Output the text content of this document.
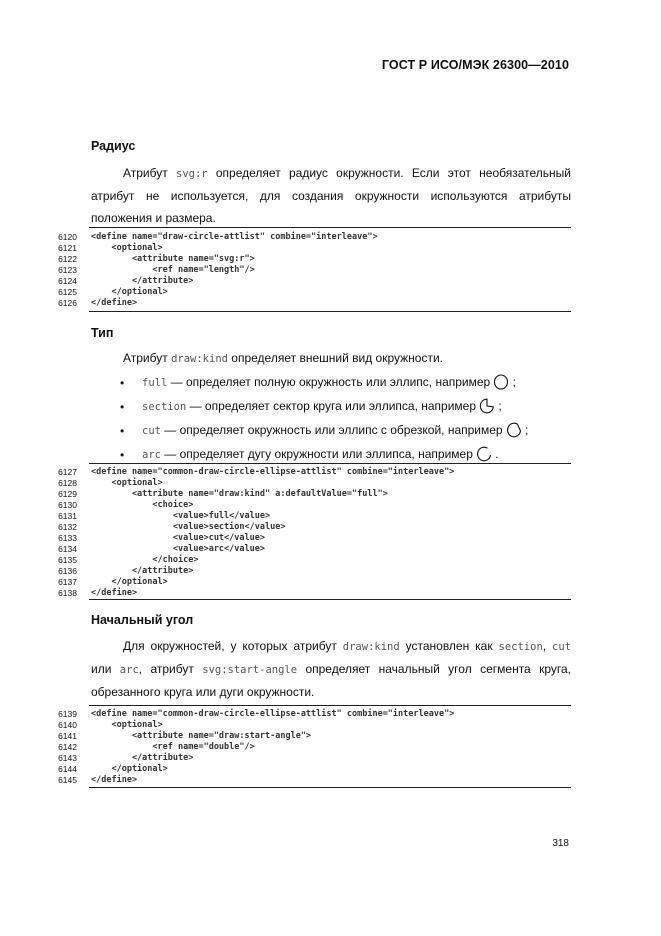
ГОСТ Р ИСО/МЭК 26300—2010
Радиус
Атрибут svg:r определяет радиус окружности. Если этот необязательный атрибут не используется, для создания окружности используются атрибуты положения и размера.
6120 <define name="draw-circle-attlist" combine="interleave">
6121 <optional>
6122 <attribute name="svg:r">
6123 <ref name="length"/>
6124 </attribute>
6125 </optional>
6126 </define>
Тип
Атрибут draw:kind определяет внешний вид окружности.
• full — определяет полную окружность или эллипс, например ;
• section — определяет сектор круга или эллипса, например ;
• cut — определяет окружность или эллипс с обрезкой, например ;
• arc — определяет дугу окружности или эллипса, например .
6127 <define name="common-draw-circle-ellipse-attlist" combine="interleave">
6128 <optional>
6129 <attribute name="draw:kind" a:defaultValue="full">
6130 <choice>
6131 <value>full</value>
6132 <value>section</value>
6133 <value>cut</value>
6134 <value>arc</value>
6135 </choice>
6136 </attribute>
6137 </optional>
6138 </define>
Начальный угол
Для окружностей, у которых атрибут draw:kind установлен как section, cut или arc, атрибут svg:start-angle определяет начальный угол сегмента круга, обрезанного круга или дуги окружности.
6139 <define name="common-draw-circle-ellipse-attlist" combine="interleave">
6140 <optional>
6141 <attribute name="draw:start-angle">
6142 <ref name="double"/>
6143 </attribute>
6144 </optional>
6145 </define>
318
